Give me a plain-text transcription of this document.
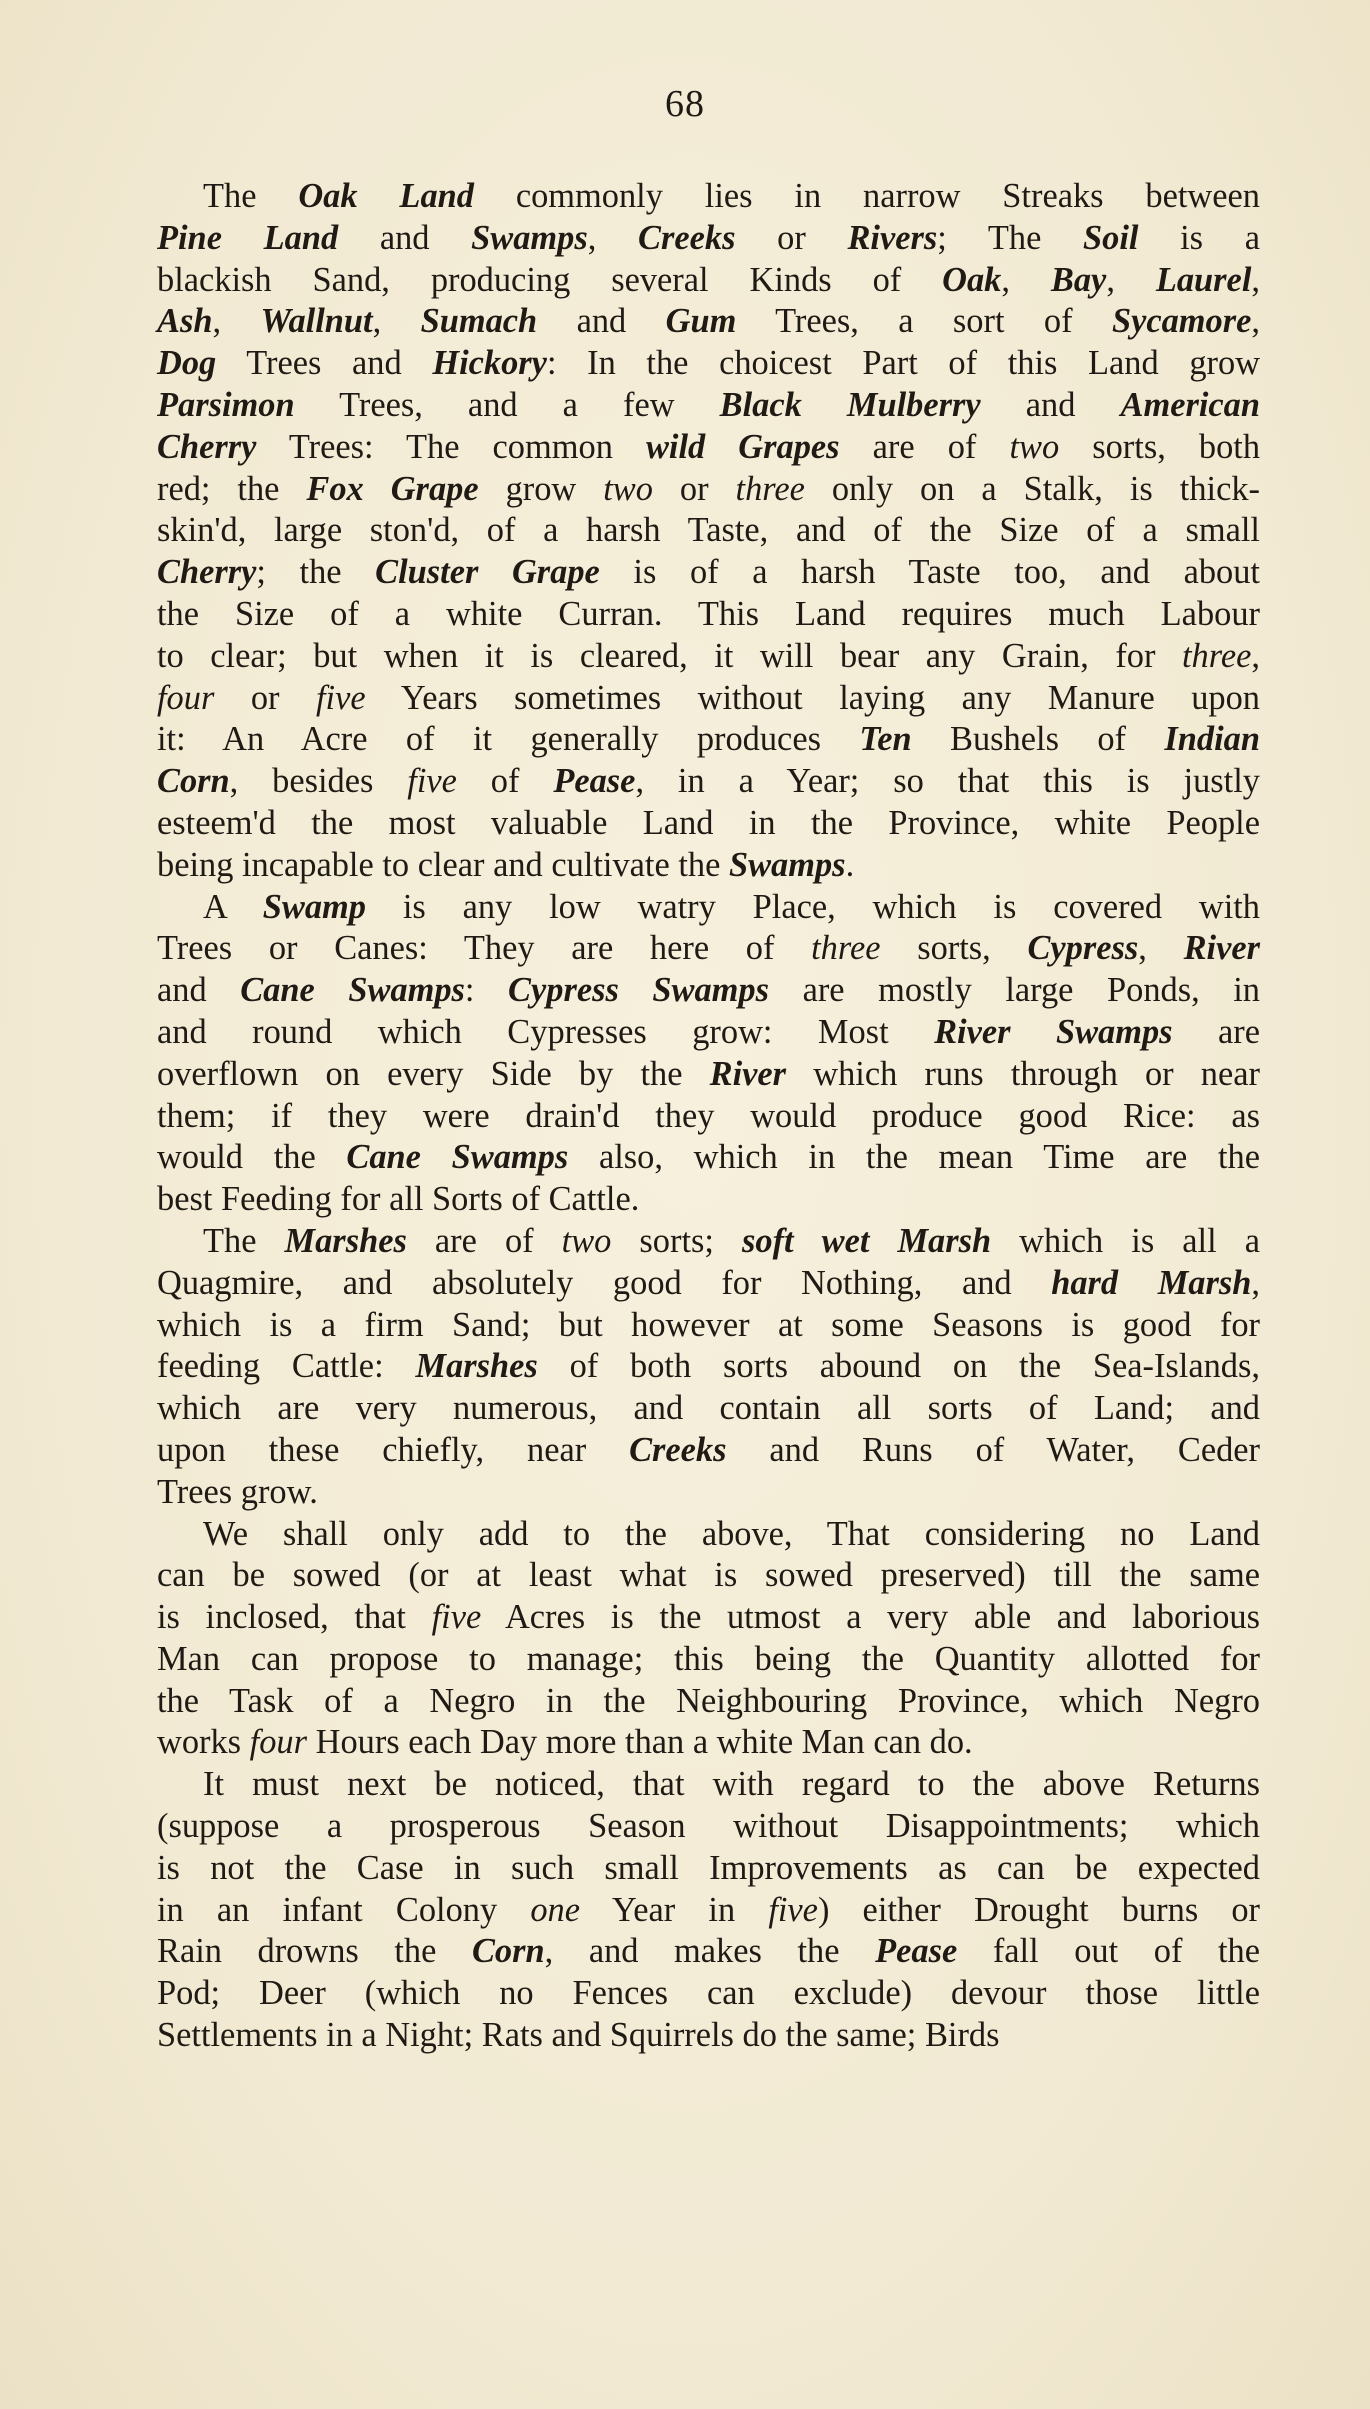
68
The Oak Land commonly lies in narrow Streaks between
Pine Land and Swamps, Creeks or Rivers; The Soil is a
blackish Sand, producing several Kinds of Oak, Bay, Laurel,
Ash, Wallnut, Sumach and Gum Trees, a sort of Sycamore,
Dog Trees and Hickory: In the choicest Part of this Land grow
Parsimon Trees, and a few Black Mulberry and American
Cherry Trees: The common wild Grapes are of two sorts, both
red; the Fox Grape grow two or three only on a Stalk, is thick-
skin'd, large ston'd, of a harsh Taste, and of the Size of a small
Cherry; the Cluster Grape is of a harsh Taste too, and about
the Size of a white Curran. This Land requires much Labour
to clear; but when it is cleared, it will bear any Grain, for three,
four or five Years sometimes without laying any Manure upon
it: An Acre of it generally produces Ten Bushels of Indian
Corn, besides five of Pease, in a Year; so that this is justly
esteem'd the most valuable Land in the Province, white People
being incapable to clear and cultivate the Swamps.
A Swamp is any low watry Place, which is covered with
Trees or Canes: They are here of three sorts, Cypress, River
and Cane Swamps: Cypress Swamps are mostly large Ponds, in
and round which Cypresses grow: Most River Swamps are
overflown on every Side by the River which runs through or near
them; if they were drain'd they would produce good Rice: as
would the Cane Swamps also, which in the mean Time are the
best Feeding for all Sorts of Cattle.
The Marshes are of two sorts; soft wet Marsh which is all a
Quagmire, and absolutely good for Nothing, and hard Marsh,
which is a firm Sand; but however at some Seasons is good for
feeding Cattle: Marshes of both sorts abound on the Sea-Islands,
which are very numerous, and contain all sorts of Land; and
upon these chiefly, near Creeks and Runs of Water, Ceder
Trees grow.
We shall only add to the above, That considering no Land
can be sowed (or at least what is sowed preserved) till the same
is inclosed, that five Acres is the utmost a very able and laborious
Man can propose to manage; this being the Quantity allotted for
the Task of a Negro in the Neighbouring Province, which Negro
works four Hours each Day more than a white Man can do.
It must next be noticed, that with regard to the above Returns
(suppose a prosperous Season without Disappointments; which
is not the Case in such small Improvements as can be expected
in an infant Colony one Year in five) either Drought burns or
Rain drowns the Corn, and makes the Pease fall out of the
Pod; Deer (which no Fences can exclude) devour those little
Settlements in a Night; Rats and Squirrels do the same; Birds
